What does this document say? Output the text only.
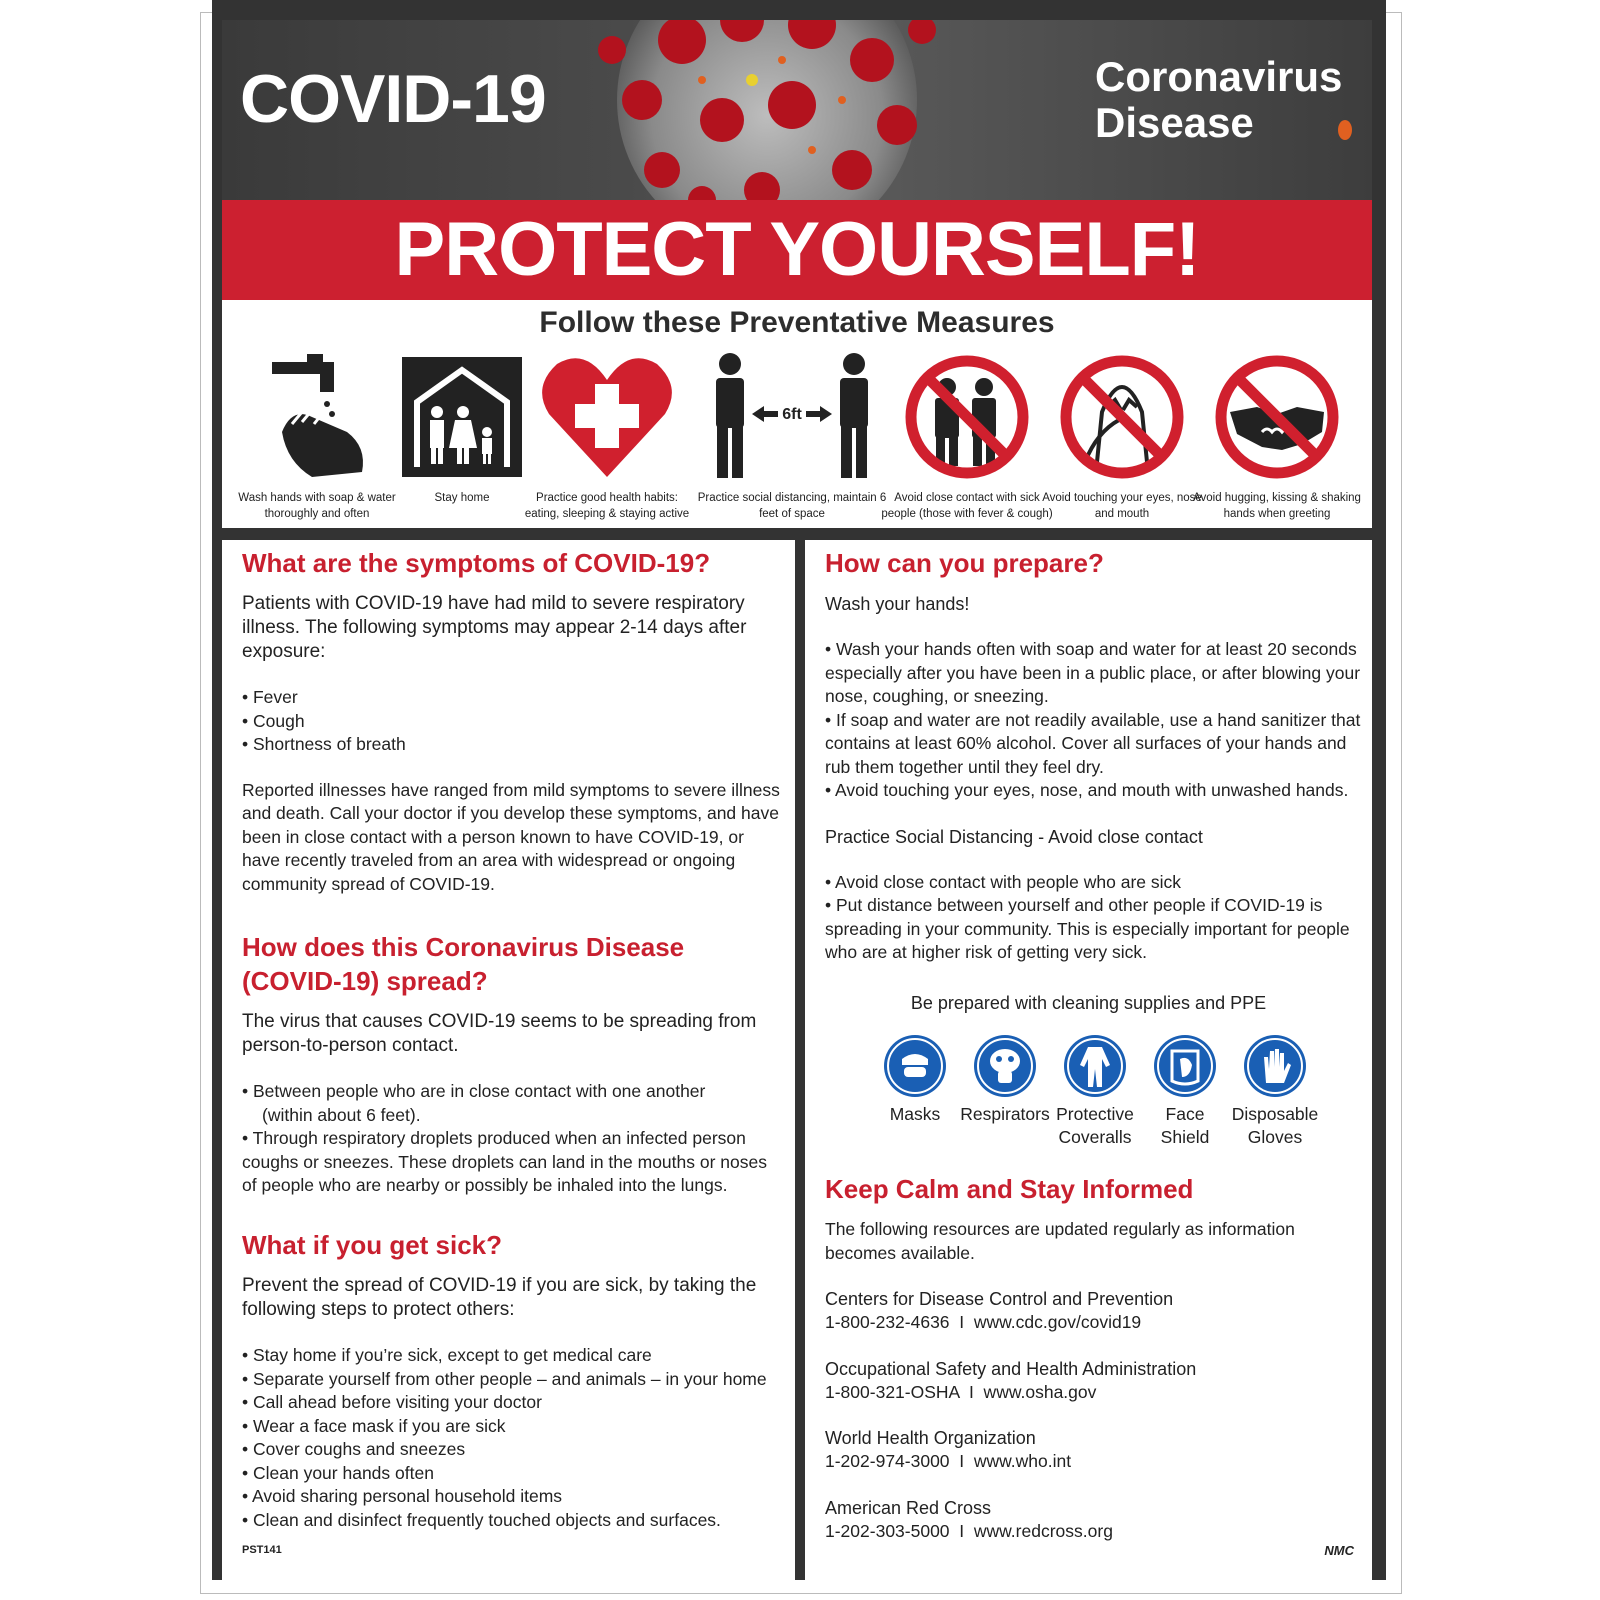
COVID-19	Coronavirus
Disease
PROTECT YOURSELF!
Follow these Preventative Measures
Wash hands with soap & water thoroughly and often
Stay home	Practice good health habits: eating, sleeping & staying active
6ft
Practice social distancing, maintain 6 feet of space
Avoid close contact with sick people (those with fever & cough)
Avoid touching your eyes, nose and mouth
Avoid hugging, kissing & shaking hands when greeting
What are the symptoms of COVID-19?
Patients with COVID-19 have had mild to severe respiratory illness. The following symptoms may appear 2-14 days after exposure:
• Fever
• Cough
• Shortness of breath
Reported illnesses have ranged from mild symptoms to severe illness and death. Call your doctor if you develop these symptoms, and have been in close contact with a person known to have COVID-19, or have recently traveled from an area with widespread or ongoing community spread of COVID-19.
How does this Coronavirus Disease (COVID-19) spread?
The virus that causes COVID-19 seems to be spreading from person-to-person contact.
• Between people who are in close contact with one another
(within about 6 feet).
• Through respiratory droplets produced when an infected person coughs or sneezes. These droplets can land in the mouths or noses of people who are nearby or possibly be inhaled into the lungs.
What if you get sick?
Prevent the spread of COVID-19 if you are sick, by taking the following steps to protect others:
• Stay home if you’re sick, except to get medical care
• Separate yourself from other people – and animals – in your home
• Call ahead before visiting your doctor
• Wear a face mask if you are sick
• Cover coughs and sneezes
• Clean your hands often
• Avoid sharing personal household items
• Clean and disinfect frequently touched objects and surfaces.
PST141
How can you prepare?
Wash your hands!
• Wash your hands often with soap and water for at least 20 seconds especially after you have been in a public place, or after blowing your nose, coughing, or sneezing.
• If soap and water are not readily available, use a hand sanitizer that contains at least 60% alcohol. Cover all surfaces of your hands and rub them together until they feel dry.
• Avoid touching your eyes, nose, and mouth with unwashed hands.
Practice Social Distancing - Avoid close contact
• Avoid close contact with people who are sick
• Put distance between yourself and other people if COVID-19 is spreading in your community. This is especially important for people who are at higher risk of getting very sick.
Be prepared with cleaning supplies and PPE
Masks	Respirators Protective
Coveralls
Face
Shield
Disposable
Gloves
Keep Calm and Stay Informed
The following resources are updated regularly as information becomes available.
Centers for Disease Control and Prevention
1-800-232-4636  I  www.cdc.gov/covid19
Occupational Safety and Health Administration
1-800-321-OSHA  I  www.osha.gov
World Health Organization
1-202-974-3000  I  www.who.int
American Red Cross
1-202-303-5000  I  www.redcross.org
NMC
